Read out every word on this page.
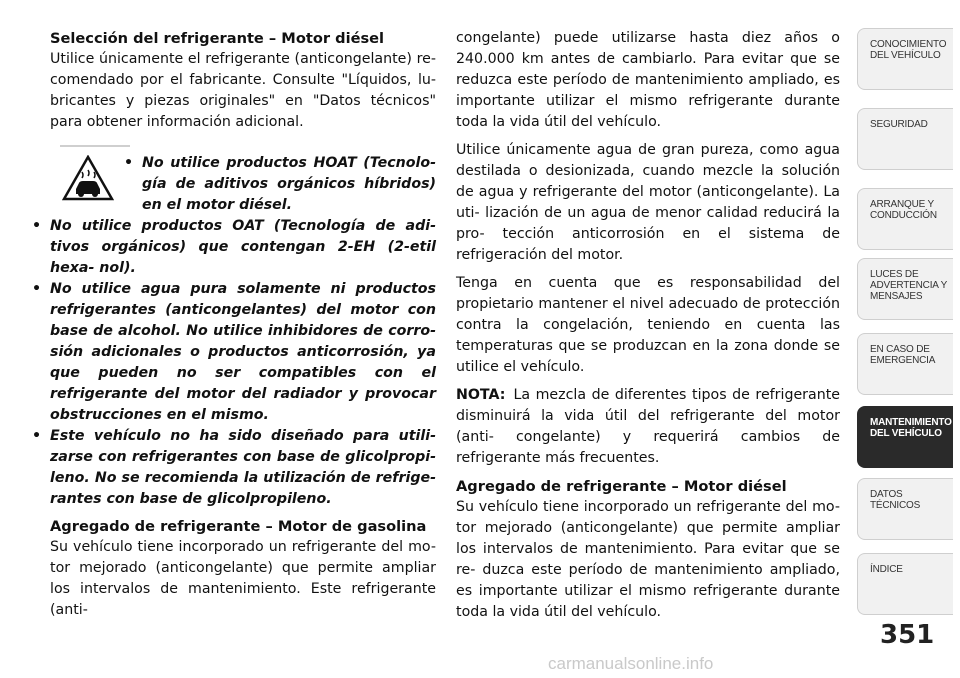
Selección del refrigerante – Motor diésel

Utilice únicamente el refrigerante (anticongelante) re- comendado por el fabricante. Consulte "Líquidos, lu- bricantes y piezas originales" en "Datos técnicos" para obtener información adicional.

• No utilice productos HOAT (Tecnolo- gía de aditivos orgánicos híbridos) en el motor diésel.
• No utilice productos OAT (Tecnología de adi- tivos orgánicos) que contengan 2-EH (2-etil hexa- nol).
• No utilice agua pura solamente ni productos refrigerantes (anticongelantes) del motor con base de alcohol. No utilice inhibidores de corro- sión adicionales o productos anticorrosión, ya que pueden no ser compatibles con el refrigerante del motor del radiador y provocar obstrucciones en el mismo.
• Este vehículo no ha sido diseñado para utili- zarse con refrigerantes con base de glicolpropi- leno. No se recomienda la utilización de refrige- rantes con base de glicolpropileno.
Agregado de refrigerante – Motor de gasolina

Su vehículo tiene incorporado un refrigerante del mo- tor mejorado (anticongelante) que permite ampliar los intervalos de mantenimiento. Este refrigerante (anti-

congelante) puede utilizarse hasta diez años o 240.000 km antes de cambiarlo. Para evitar que se reduzca este período de mantenimiento ampliado, es importante utilizar el mismo refrigerante durante toda la vida útil del vehículo.

Utilice únicamente agua de gran pureza, como agua destilada o desionizada, cuando mezcle la solución de agua y refrigerante del motor (anticongelante). La uti- lización de un agua de menor calidad reducirá la pro- tección anticorrosión en el sistema de refrigeración del motor.

Tenga en cuenta que es responsabilidad del propietario mantener el nivel adecuado de protección contra la congelación, teniendo en cuenta las temperaturas que se produzcan en la zona donde se utilice el vehículo.

NOTA: La mezcla de diferentes tipos de refrigerante disminuirá la vida útil del refrigerante del motor (anti- congelante) y requerirá cambios de refrigerante más frecuentes.

Agregado de refrigerante – Motor diésel

Su vehículo tiene incorporado un refrigerante del mo- tor mejorado (anticongelante) que permite ampliar los intervalos de mantenimiento. Para evitar que se re- duzca este período de mantenimiento ampliado, es importante utilizar el mismo refrigerante durante toda la vida útil del vehículo.

CONOCIMIENTO DEL VEHÍCULO
SEGURIDAD
ARRANQUE Y CONDUCCIÓN
LUCES DE ADVERTENCIA Y MENSAJES
EN CASO DE EMERGENCIA
MANTENIMIENTO DEL VEHÍCULO
DATOS TÉCNICOS
ÍNDICE
351
carmanualsonline.info
